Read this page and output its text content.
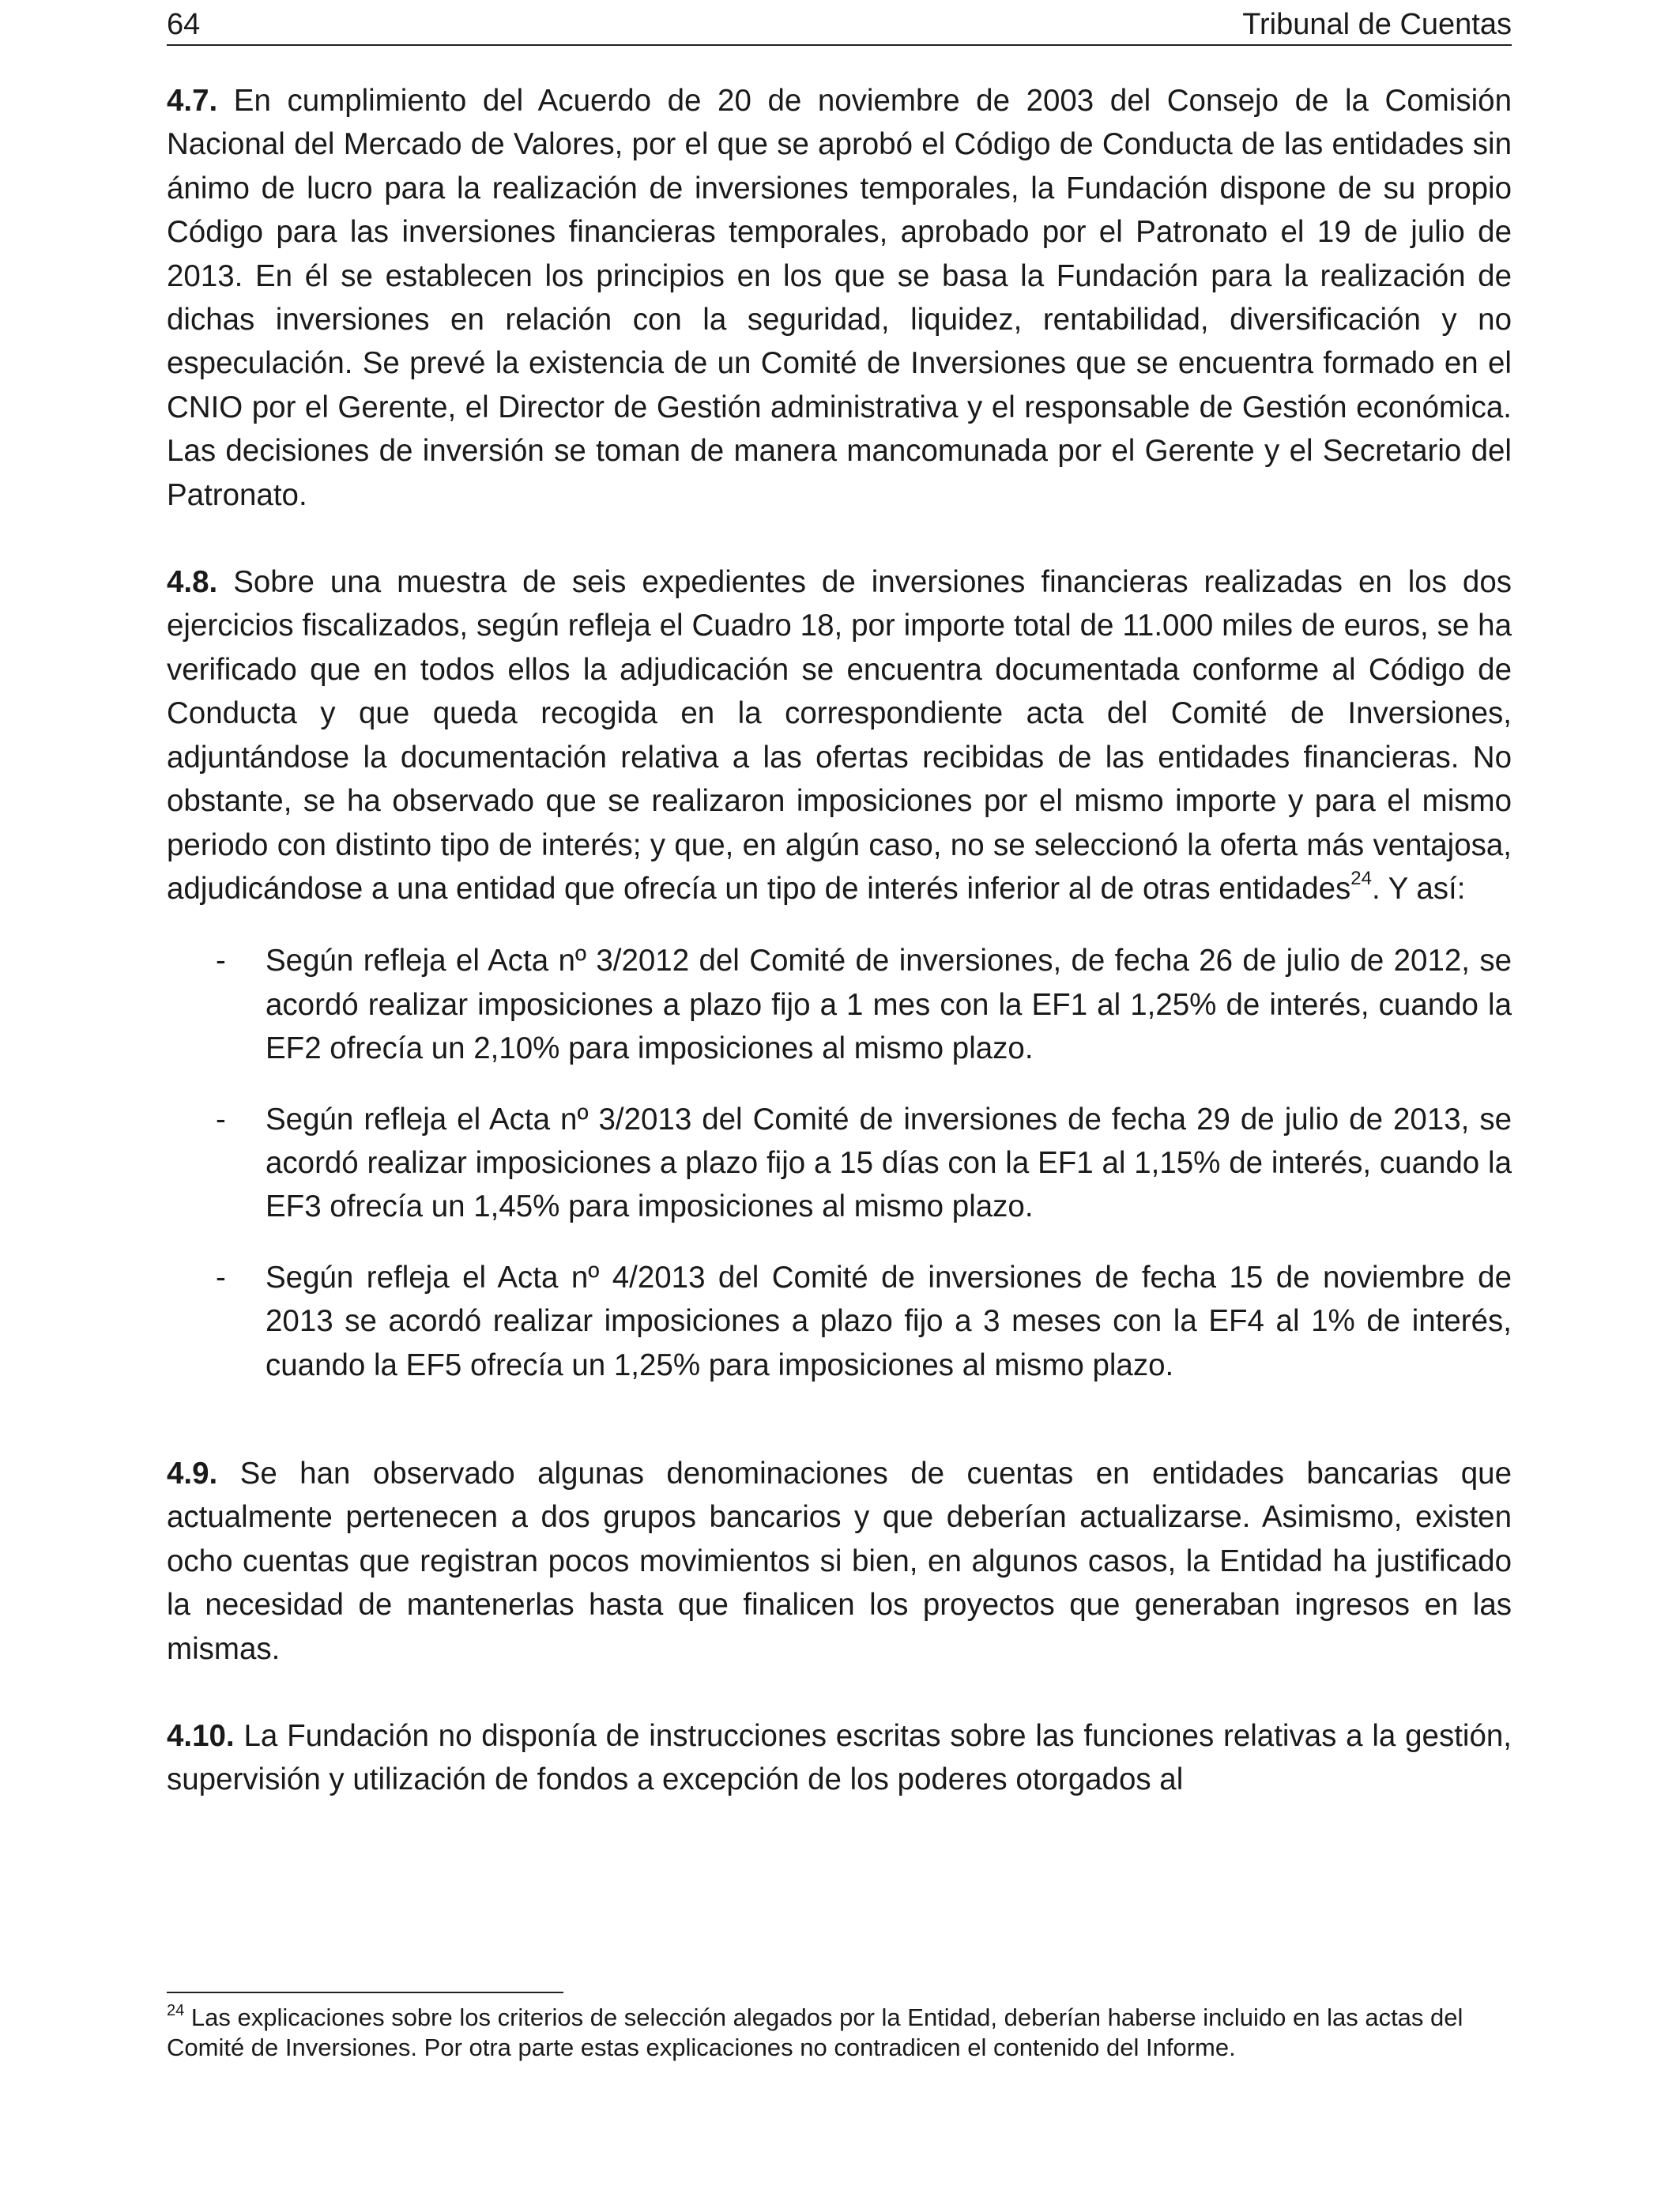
64	Tribunal de Cuentas

4.7. En cumplimiento del Acuerdo de 20 de noviembre de 2003 del Consejo de la Comisión Nacional del Mercado de Valores, por el que se aprobó el Código de Conducta de las entidades sin ánimo de lucro para la realización de inversiones temporales, la Fundación dispone de su propio Código para las inversiones financieras temporales, aprobado por el Patronato el 19 de julio de 2013. En él se establecen los principios en los que se basa la Fundación para la realización de dichas inversiones en relación con la seguridad, liquidez, rentabilidad, diversificación y no especulación. Se prevé la existencia de un Comité de Inversiones que se encuentra formado en el CNIO por el Gerente, el Director de Gestión administrativa y el responsable de Gestión económica. Las decisiones de inversión se toman de manera mancomunada por el Gerente y el Secretario del Patronato.

4.8. Sobre una muestra de seis expedientes de inversiones financieras realizadas en los dos ejercicios fiscalizados, según refleja el Cuadro 18, por importe total de 11.000 miles de euros, se ha verificado que en todos ellos la adjudicación se encuentra documentada conforme al Código de Conducta y que queda recogida en la correspondiente acta del Comité de Inversiones, adjuntándose la documentación relativa a las ofertas recibidas de las entidades financieras. No obstante, se ha observado que se realizaron imposiciones por el mismo importe y para el mismo periodo con distinto tipo de interés; y que, en algún caso, no se seleccionó la oferta más ventajosa, adjudicándose a una entidad que ofrecía un tipo de interés inferior al de otras entidades$^{24}$. Y así:

- Según refleja el Acta nº 3/2012 del Comité de inversiones, de fecha 26 de julio de 2012, se acordó realizar imposiciones a plazo fijo a 1 mes con la EF1 al 1,25% de interés, cuando la EF2 ofrecía un 2,10% para imposiciones al mismo plazo.
- Según refleja el Acta nº 3/2013 del Comité de inversiones de fecha 29 de julio de 2013, se acordó realizar imposiciones a plazo fijo a 15 días con la EF1 al 1,15% de interés, cuando la EF3 ofrecía un 1,45% para imposiciones al mismo plazo.
- Según refleja el Acta nº 4/2013 del Comité de inversiones de fecha 15 de noviembre de 2013 se acordó realizar imposiciones a plazo fijo a 3 meses con la EF4 al 1% de interés, cuando la EF5 ofrecía un 1,25% para imposiciones al mismo plazo.

4.9. Se han observado algunas denominaciones de cuentas en entidades bancarias que actualmente pertenecen a dos grupos bancarios y que deberían actualizarse. Asimismo, existen ocho cuentas que registran pocos movimientos si bien, en algunos casos, la Entidad ha justificado la necesidad de mantenerlas hasta que finalicen los proyectos que generaban ingresos en las mismas.

4.10. La Fundación no disponía de instrucciones escritas sobre las funciones relativas a la gestión, supervisión y utilización de fondos a excepción de los poderes otorgados al

$^{24}$ Las explicaciones sobre los criterios de selección alegados por la Entidad, deberían haberse incluido en las actas del Comité de Inversiones. Por otra parte estas explicaciones no contradicen el contenido del Informe.
